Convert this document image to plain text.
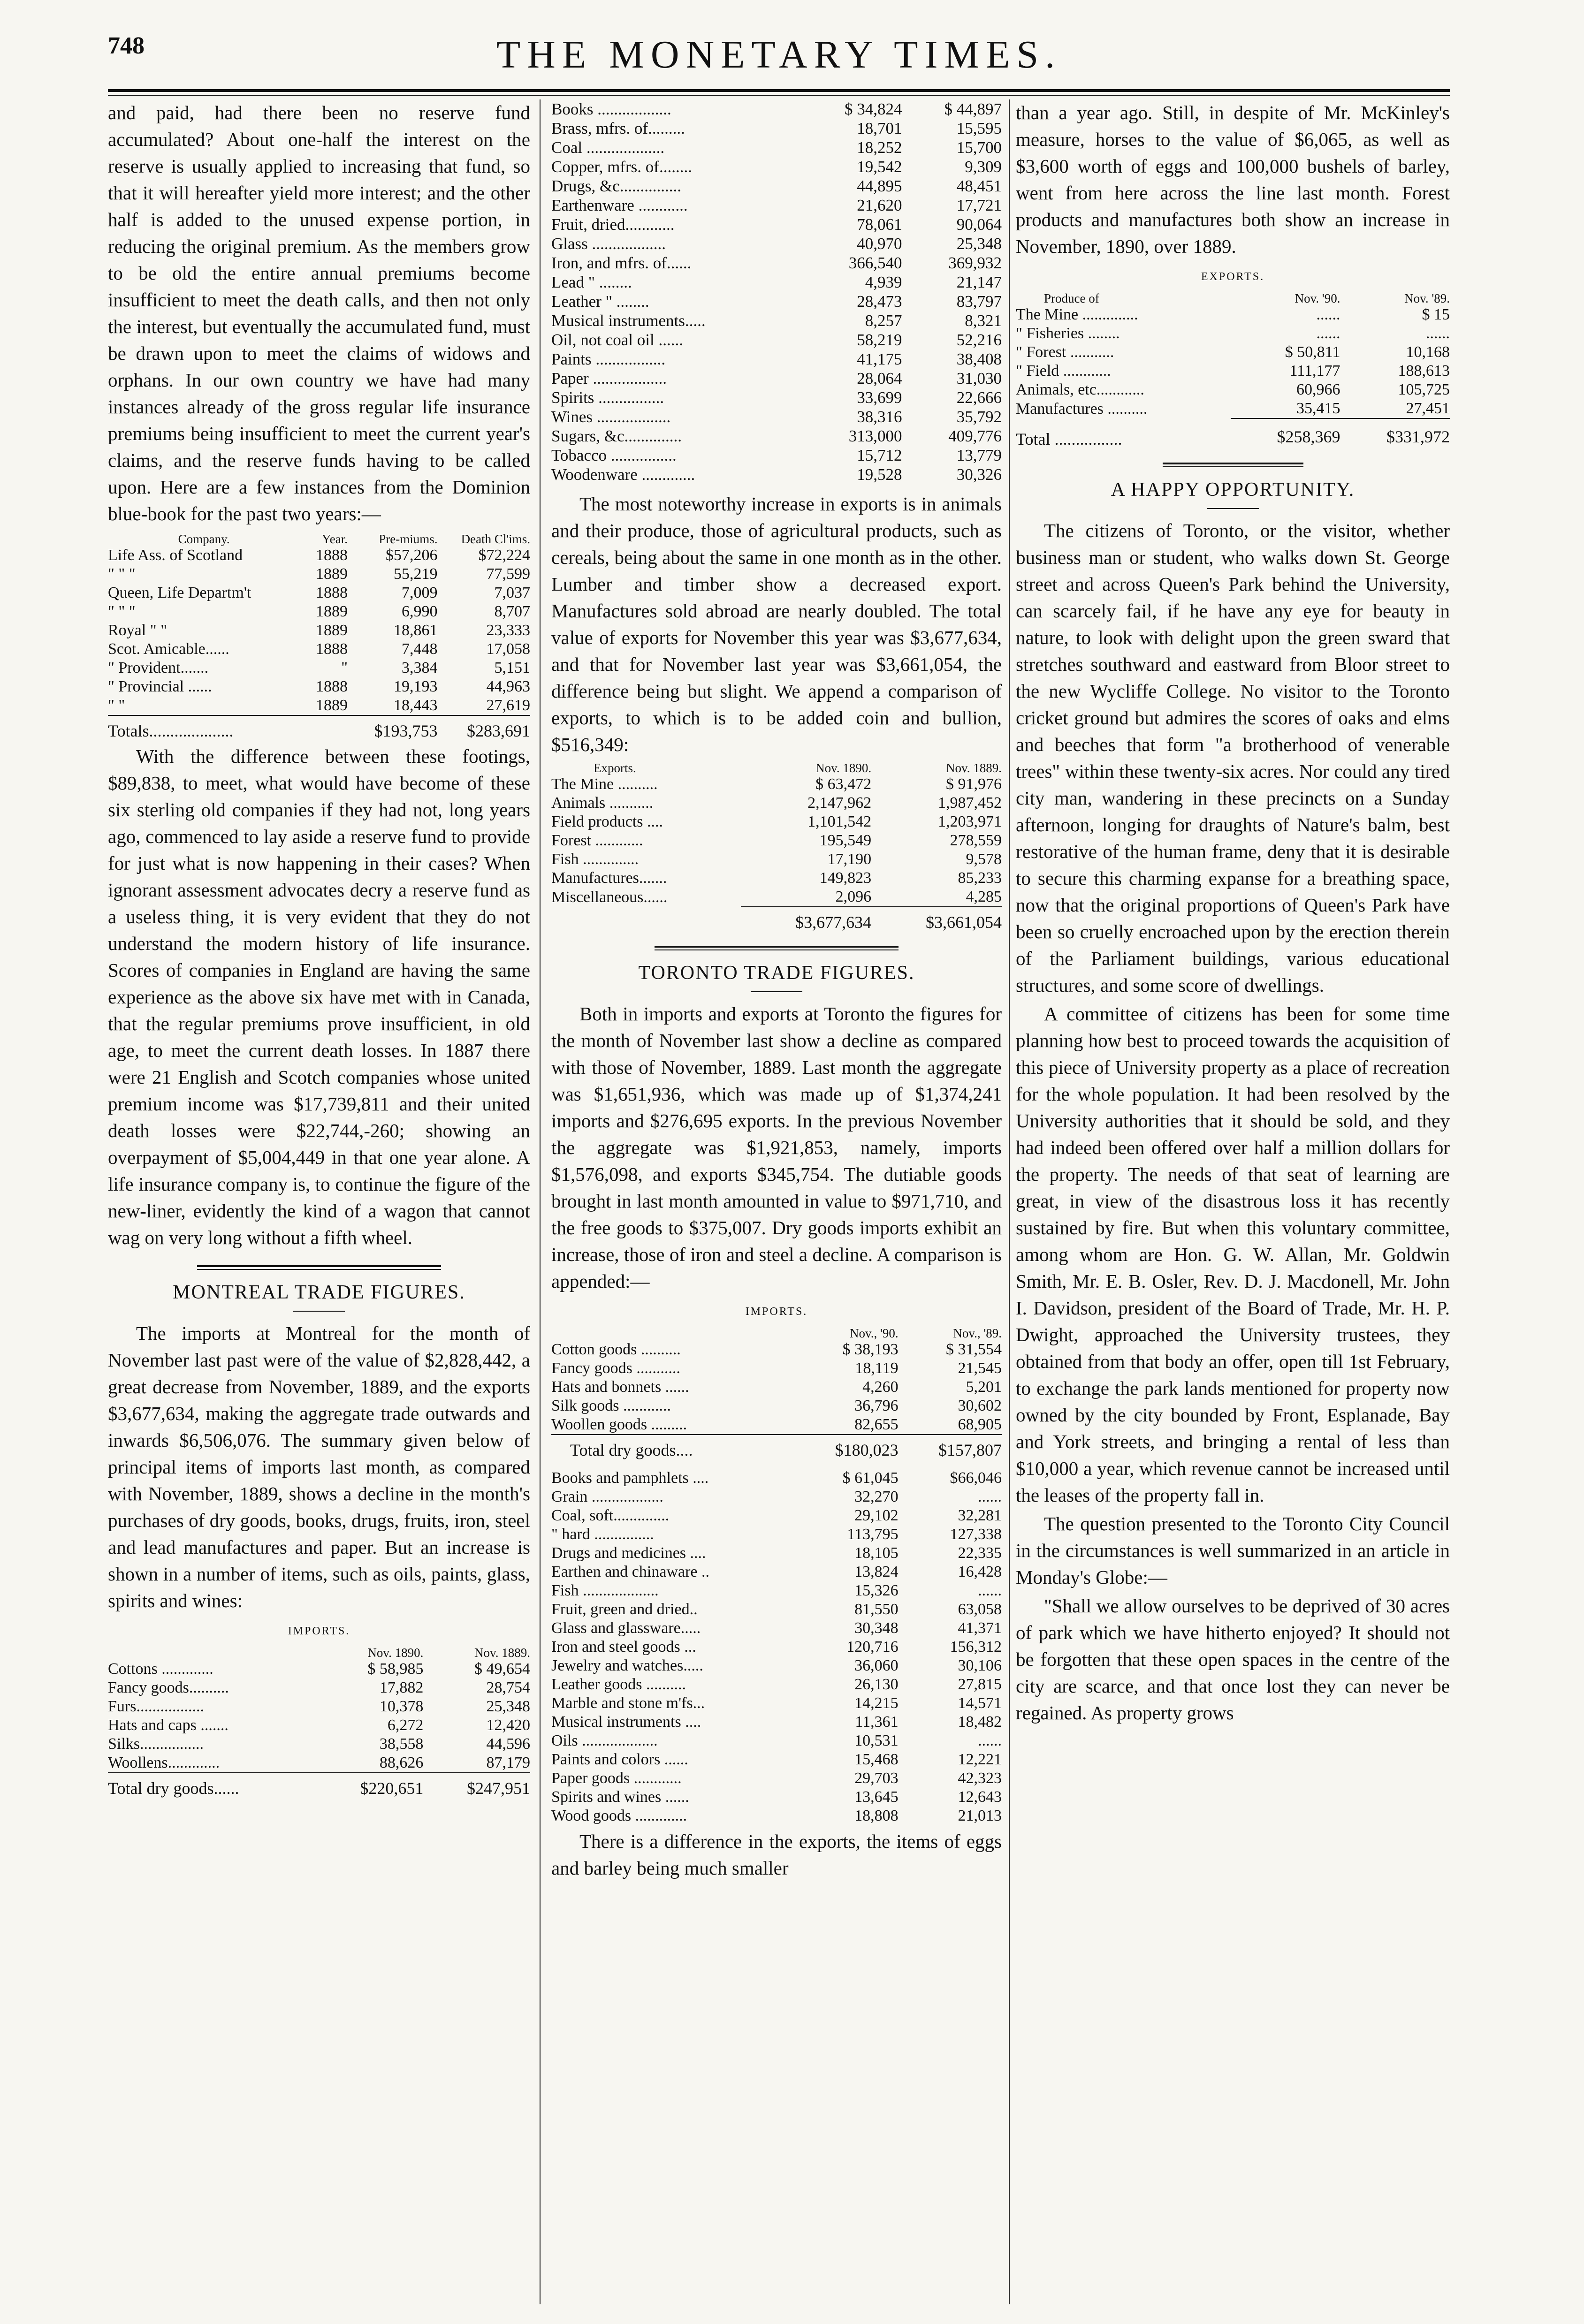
748	THE MONETARY TIMES.

and paid, had there been no reserve fund accumulated? About one-half the interest on the reserve is usually applied to increasing that fund, so that it will hereafter yield more interest; and the other half is added to the unused expense portion, in reducing the original premium. As the members grow to be old the entire annual premiums become insufficient to meet the death calls, and then not only the interest, but eventually the accumulated fund, must be drawn upon to meet the claims of widows and orphans. In our own country we have had many instances already of the gross regular life insurance premiums being insufficient to meet the current year's claims, and the reserve funds having to be called upon. Here are a few instances from the Dominion blue-book for the past two years:—

Company.	Year.	Pre-miums.	Death Cl'ims.
Life Ass. of Scotland	1888	$57,206	$72,224
" " "	1889	55,219	77,599
Queen, Life Departm't	1888	7,009	7,037
" " "	1889	6,990	8,707
Royal " "	1889	18,861	23,333
Scot. Amicable......	1888	7,448	17,058
" Provident.......	"	3,384	5,151
" Provincial ......	1888	19,193	44,963
" "	1889	18,443	27,619
Totals....................		$193,753	$283,691

With the difference between these footings, $89,838, to meet, what would have become of these six sterling old companies if they had not, long years ago, commenced to lay aside a reserve fund to provide for just what is now happening in their cases? When ignorant assessment advocates decry a reserve fund as a useless thing, it is very evident that they do not understand the modern history of life insurance. Scores of companies in England are having the same experience as the above six have met with in Canada, that the regular premiums prove insufficient, in old age, to meet the current death losses. In 1887 there were 21 English and Scotch companies whose united premium income was $17,739,811 and their united death losses were $22,744,-260; showing an overpayment of $5,004,449 in that one year alone. A life insurance company is, to continue the figure of the new-liner, evidently the kind of a wagon that cannot wag on very long without a fifth wheel.

MONTREAL TRADE FIGURES.

The imports at Montreal for the month of November last past were of the value of $2,828,442, a great decrease from November, 1889, and the exports $3,677,634, making the aggregate trade outwards and inwards $6,506,076. The summary given below of principal items of imports last month, as compared with November, 1889, shows a decline in the month's purchases of dry goods, books, drugs, fruits, iron, steel and lead manufactures and paper. But an increase is shown in a number of items, such as oils, paints, glass, spirits and wines:

IMPORTS.
	Nov. 1890.	Nov. 1889.
Cottons .............	$ 58,985	$ 49,654
Fancy goods..........	17,882	28,754
Furs.................	10,378	25,348
Hats and caps .......	6,272	12,420
Silks................	38,558	44,596
Woollens.............	88,626	87,179
Total dry goods......	$220,651	$247,951
Books ..................	$ 34,824	$ 44,897
Brass, mfrs. of.........	18,701	15,595
Coal ...................	18,252	15,700
Copper, mfrs. of........	19,542	9,309
Drugs, &c...............	44,895	48,451
Earthenware ............	21,620	17,721
Fruit, dried............	78,061	90,064
Glass ..................	40,970	25,348
Iron, and mfrs. of......	366,540	369,932
Lead " ........	4,939	21,147
Leather " ........	28,473	83,797
Musical instruments.....	8,257	8,321
Oil, not coal oil ......	58,219	52,216
Paints .................	41,175	38,408
Paper ..................	28,064	31,030
Spirits ................	33,699	22,666
Wines ..................	38,316	35,792
Sugars, &c..............	313,000	409,776
Tobacco ................	15,712	13,779
Woodenware .............	19,528	30,326

The most noteworthy increase in exports is in animals and their produce, those of agricultural products, such as cereals, being about the same in one month as in the other. Lumber and timber show a decreased export. Manufactures sold abroad are nearly doubled. The total value of exports for November this year was $3,677,634, and that for November last year was $3,661,054, the difference being but slight. We append a comparison of exports, to which is to be added coin and bullion, $516,349:

Exports.	Nov. 1890.	Nov. 1889.
The Mine ..........	$ 63,472	$ 91,976
Animals ...........	2,147,962	1,987,452
Field products ....	1,101,542	1,203,971
Forest ............	195,549	278,559
Fish ..............	17,190	9,578
Manufactures.......	149,823	85,233
Miscellaneous......	2,096	4,285
	$3,677,634	$3,661,054
TORONTO TRADE FIGURES.

Both in imports and exports at Toronto the figures for the month of November last show a decline as compared with those of November, 1889. Last month the aggregate was $1,651,936, which was made up of $1,374,241 imports and $276,695 exports. In the previous November the aggregate was $1,921,853, namely, imports $1,576,098, and exports $345,754. The dutiable goods brought in last month amounted in value to $971,710, and the free goods to $375,007. Dry goods imports exhibit an increase, those of iron and steel a decline. A comparison is appended:—

IMPORTS.
	Nov., '90.	Nov., '89.
Cotton goods ..........	$ 38,193	$ 31,554
Fancy goods ...........	18,119	21,545
Hats and bonnets ......	4,260	5,201
Silk goods ............	36,796	30,602
Woollen goods .........	82,655	68,905
Total dry goods....	$180,023	$157,807

Books and pamphlets ....	$ 61,045	$66,046
Grain ..................	32,270	......
Coal, soft..............	29,102	32,281
" hard ...............	113,795	127,338
Drugs and medicines ....	18,105	22,335
Earthen and chinaware ..	13,824	16,428
Fish ...................	15,326	......
Fruit, green and dried..	81,550	63,058
Glass and glassware.....	30,348	41,371
Iron and steel goods ...	120,716	156,312
Jewelry and watches.....	36,060	30,106
Leather goods ..........	26,130	27,815
Marble and stone m'fs...	14,215	14,571
Musical instruments ....	11,361	18,482
Oils ...................	10,531	......
Paints and colors ......	15,468	12,221
Paper goods ............	29,703	42,323
Spirits and wines ......	13,645	12,643
Wood goods .............	18,808	21,013

There is a difference in the exports, the items of eggs and barley being much smaller

than a year ago. Still, in despite of Mr. McKinley's measure, horses to the value of $6,065, as well as $3,600 worth of eggs and 100,000 bushels of barley, went from here across the line last month. Forest products and manufactures both show an increase in November, 1890, over 1889.

EXPORTS.
Produce of	Nov. '90.	Nov. '89.
The Mine ..............	......	$ 15
" Fisheries ........	......	......
" Forest ...........	$ 50,811	10,168
" Field ............	111,177	188,613
Animals, etc............	60,966	105,725
Manufactures ..........	35,415	27,451
Total ................	$258,369	$331,972
A HAPPY OPPORTUNITY.

The citizens of Toronto, or the visitor, whether business man or student, who walks down St. George street and across Queen's Park behind the University, can scarcely fail, if he have any eye for beauty in nature, to look with delight upon the green sward that stretches southward and eastward from Bloor street to the new Wycliffe College. No visitor to the Toronto cricket ground but admires the scores of oaks and elms and beeches that form "a brotherhood of venerable trees" within these twenty-six acres. Nor could any tired city man, wandering in these precincts on a Sunday afternoon, longing for draughts of Nature's balm, best restorative of the human frame, deny that it is desirable to secure this charming expanse for a breathing space, now that the original proportions of Queen's Park have been so cruelly encroached upon by the erection therein of the Parliament buildings, various educational structures, and some score of dwellings.

A committee of citizens has been for some time planning how best to proceed towards the acquisition of this piece of University property as a place of recreation for the whole population. It had been resolved by the University authorities that it should be sold, and they had indeed been offered over half a million dollars for the property. The needs of that seat of learning are great, in view of the disastrous loss it has recently sustained by fire. But when this voluntary committee, among whom are Hon. G. W. Allan, Mr. Goldwin Smith, Mr. E. B. Osler, Rev. D. J. Macdonell, Mr. John I. Davidson, president of the Board of Trade, Mr. H. P. Dwight, approached the University trustees, they obtained from that body an offer, open till 1st February, to exchange the park lands mentioned for property now owned by the city bounded by Front, Esplanade, Bay and York streets, and bringing a rental of less than $10,000 a year, which revenue cannot be increased until the leases of the property fall in.

The question presented to the Toronto City Council in the circumstances is well summarized in an article in Monday's Globe:—

"Shall we allow ourselves to be deprived of 30 acres of park which we have hitherto enjoyed? It should not be forgotten that these open spaces in the centre of the city are scarce, and that once lost they can never be regained. As property grows
